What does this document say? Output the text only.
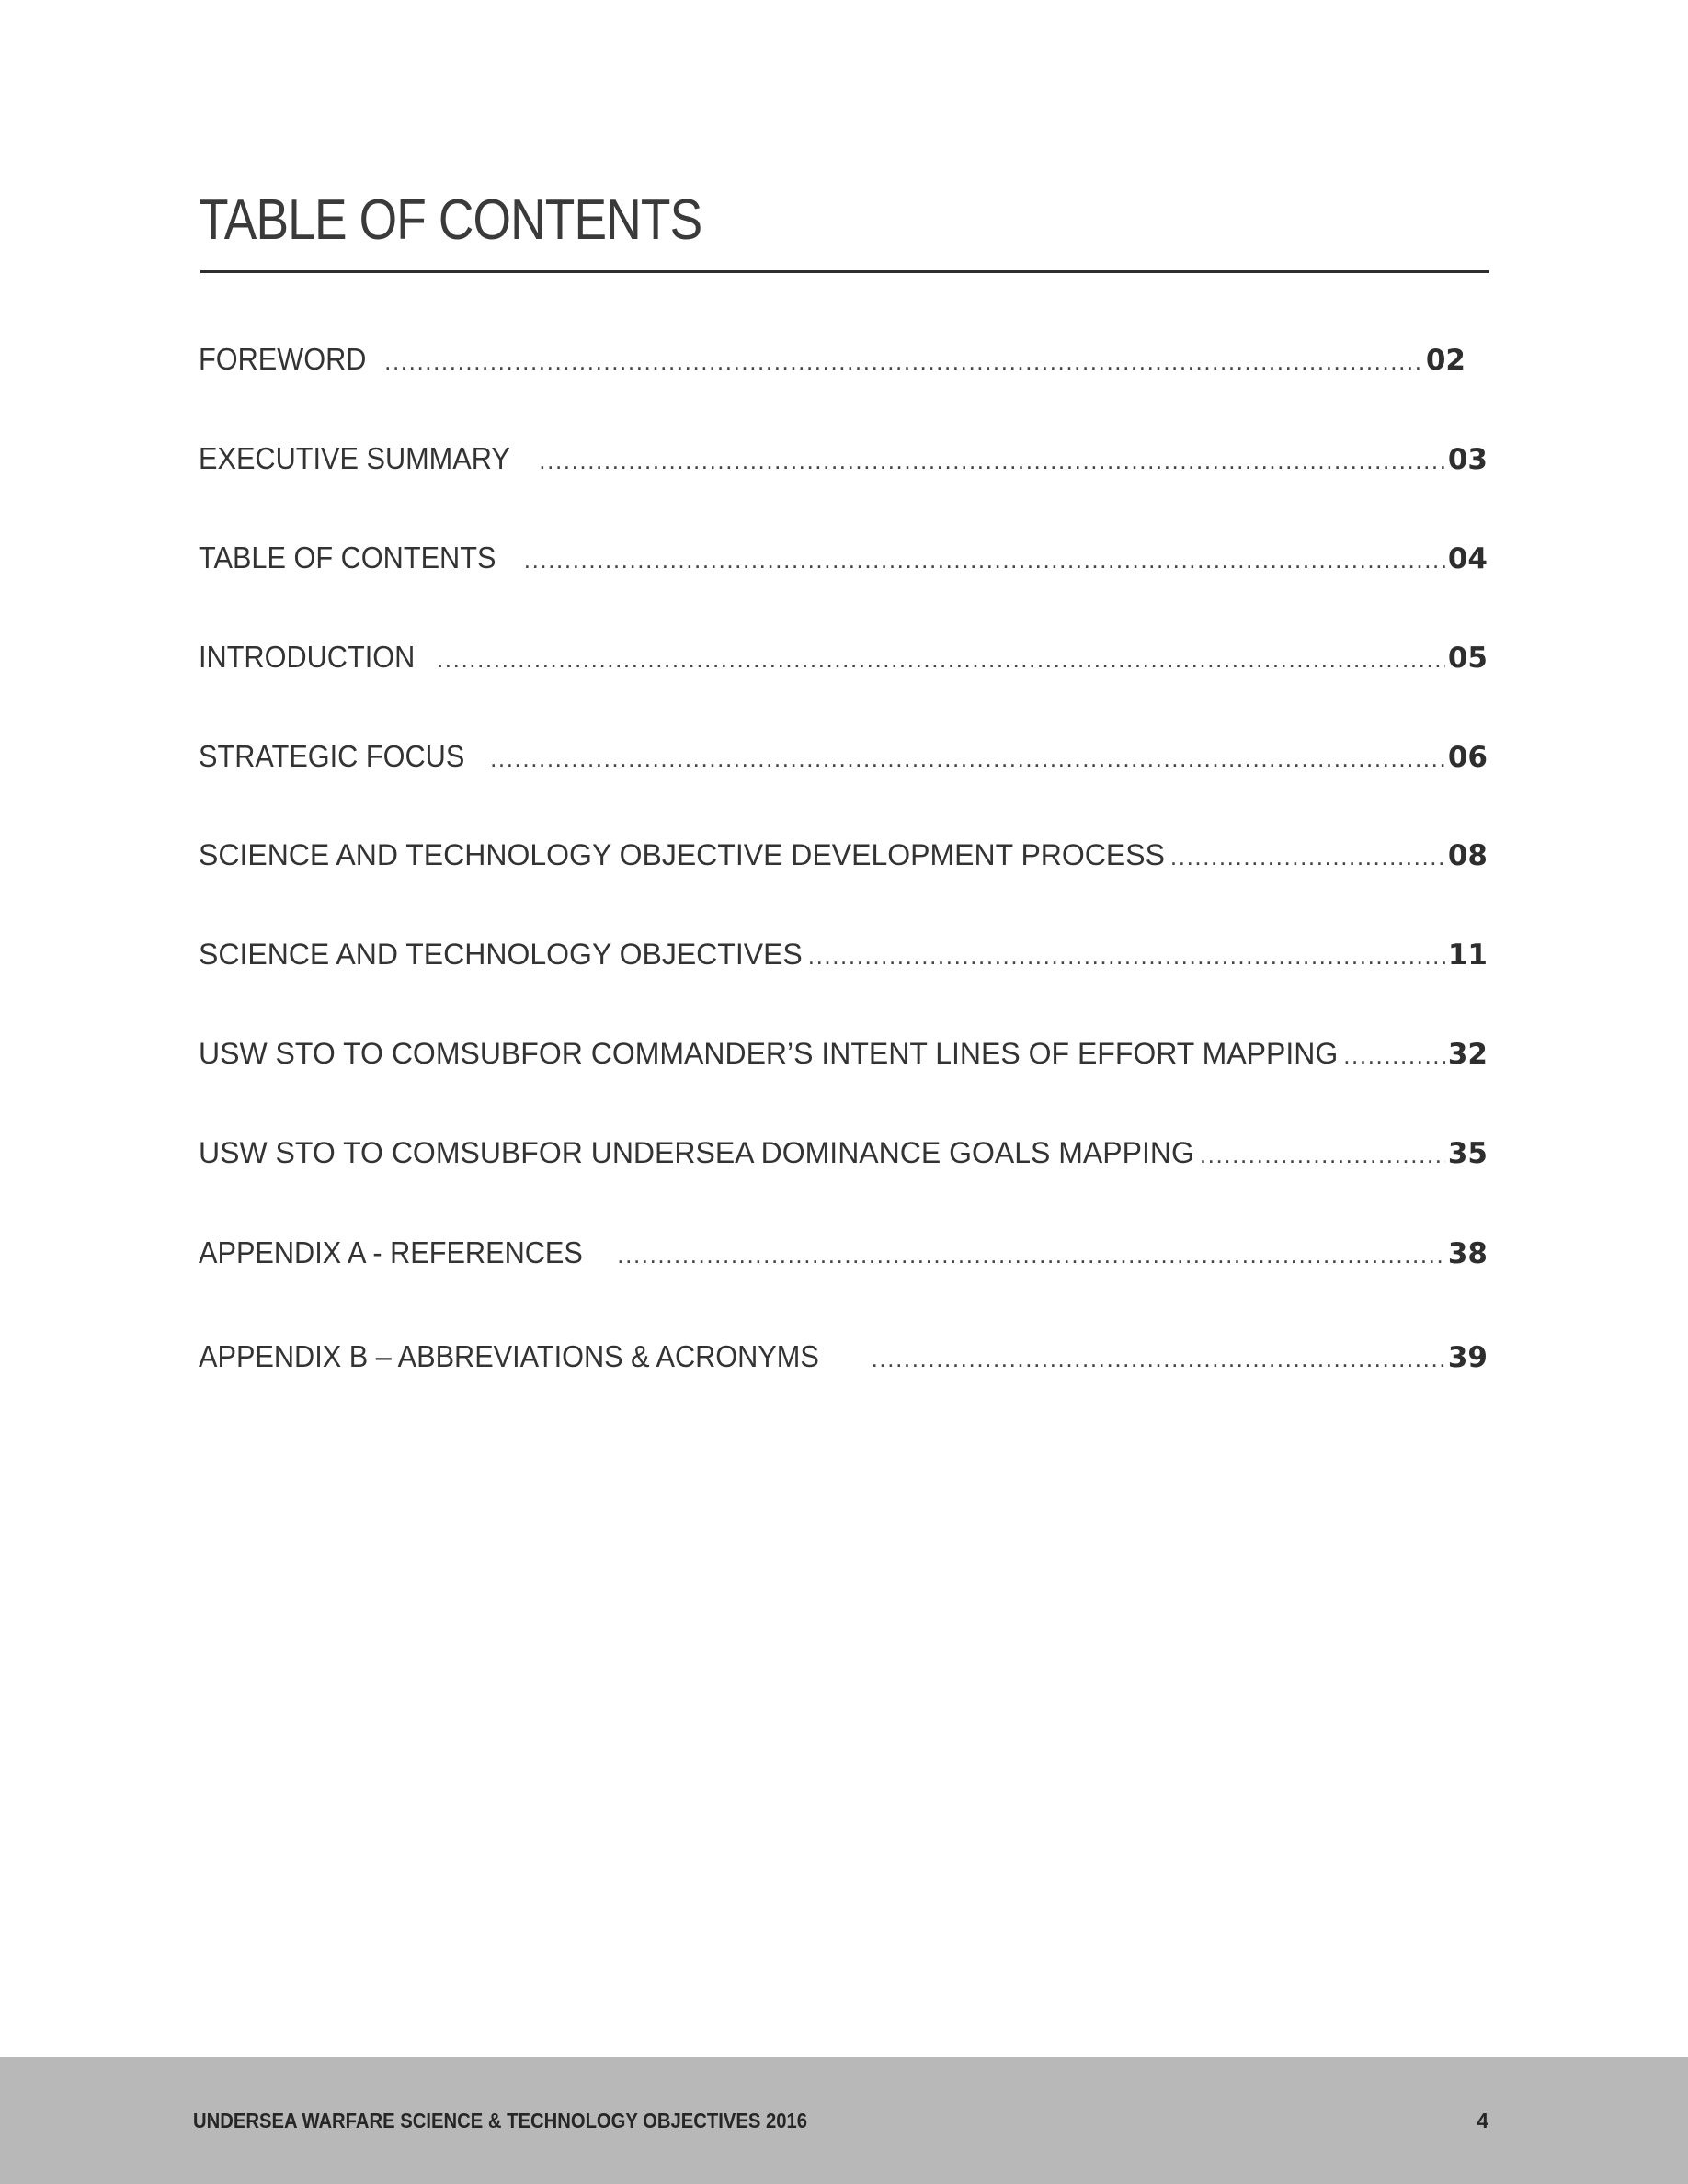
TABLE OF CONTENTS
FOREWORD .....	02
EXECUTIVE SUMMARY .....	03
TABLE OF CONTENTS .....	04
INTRODUCTION .....	05
STRATEGIC FOCUS .....	06
SCIENCE AND TECHNOLOGY OBJECTIVE DEVELOPMENT PROCESS .....	08
SCIENCE AND TECHNOLOGY OBJECTIVES .....	11
USW STO TO COMSUBFOR COMMANDER’S INTENT LINES OF EFFORT MAPPING .....	32
USW STO TO COMSUBFOR UNDERSEA DOMINANCE GOALS MAPPING .....	35
APPENDIX A - REFERENCES .....	38
APPENDIX B – ABBREVIATIONS & ACRONYMS .....	39
UNDERSEA WARFARE SCIENCE & TECHNOLOGY OBJECTIVES 2016	4
